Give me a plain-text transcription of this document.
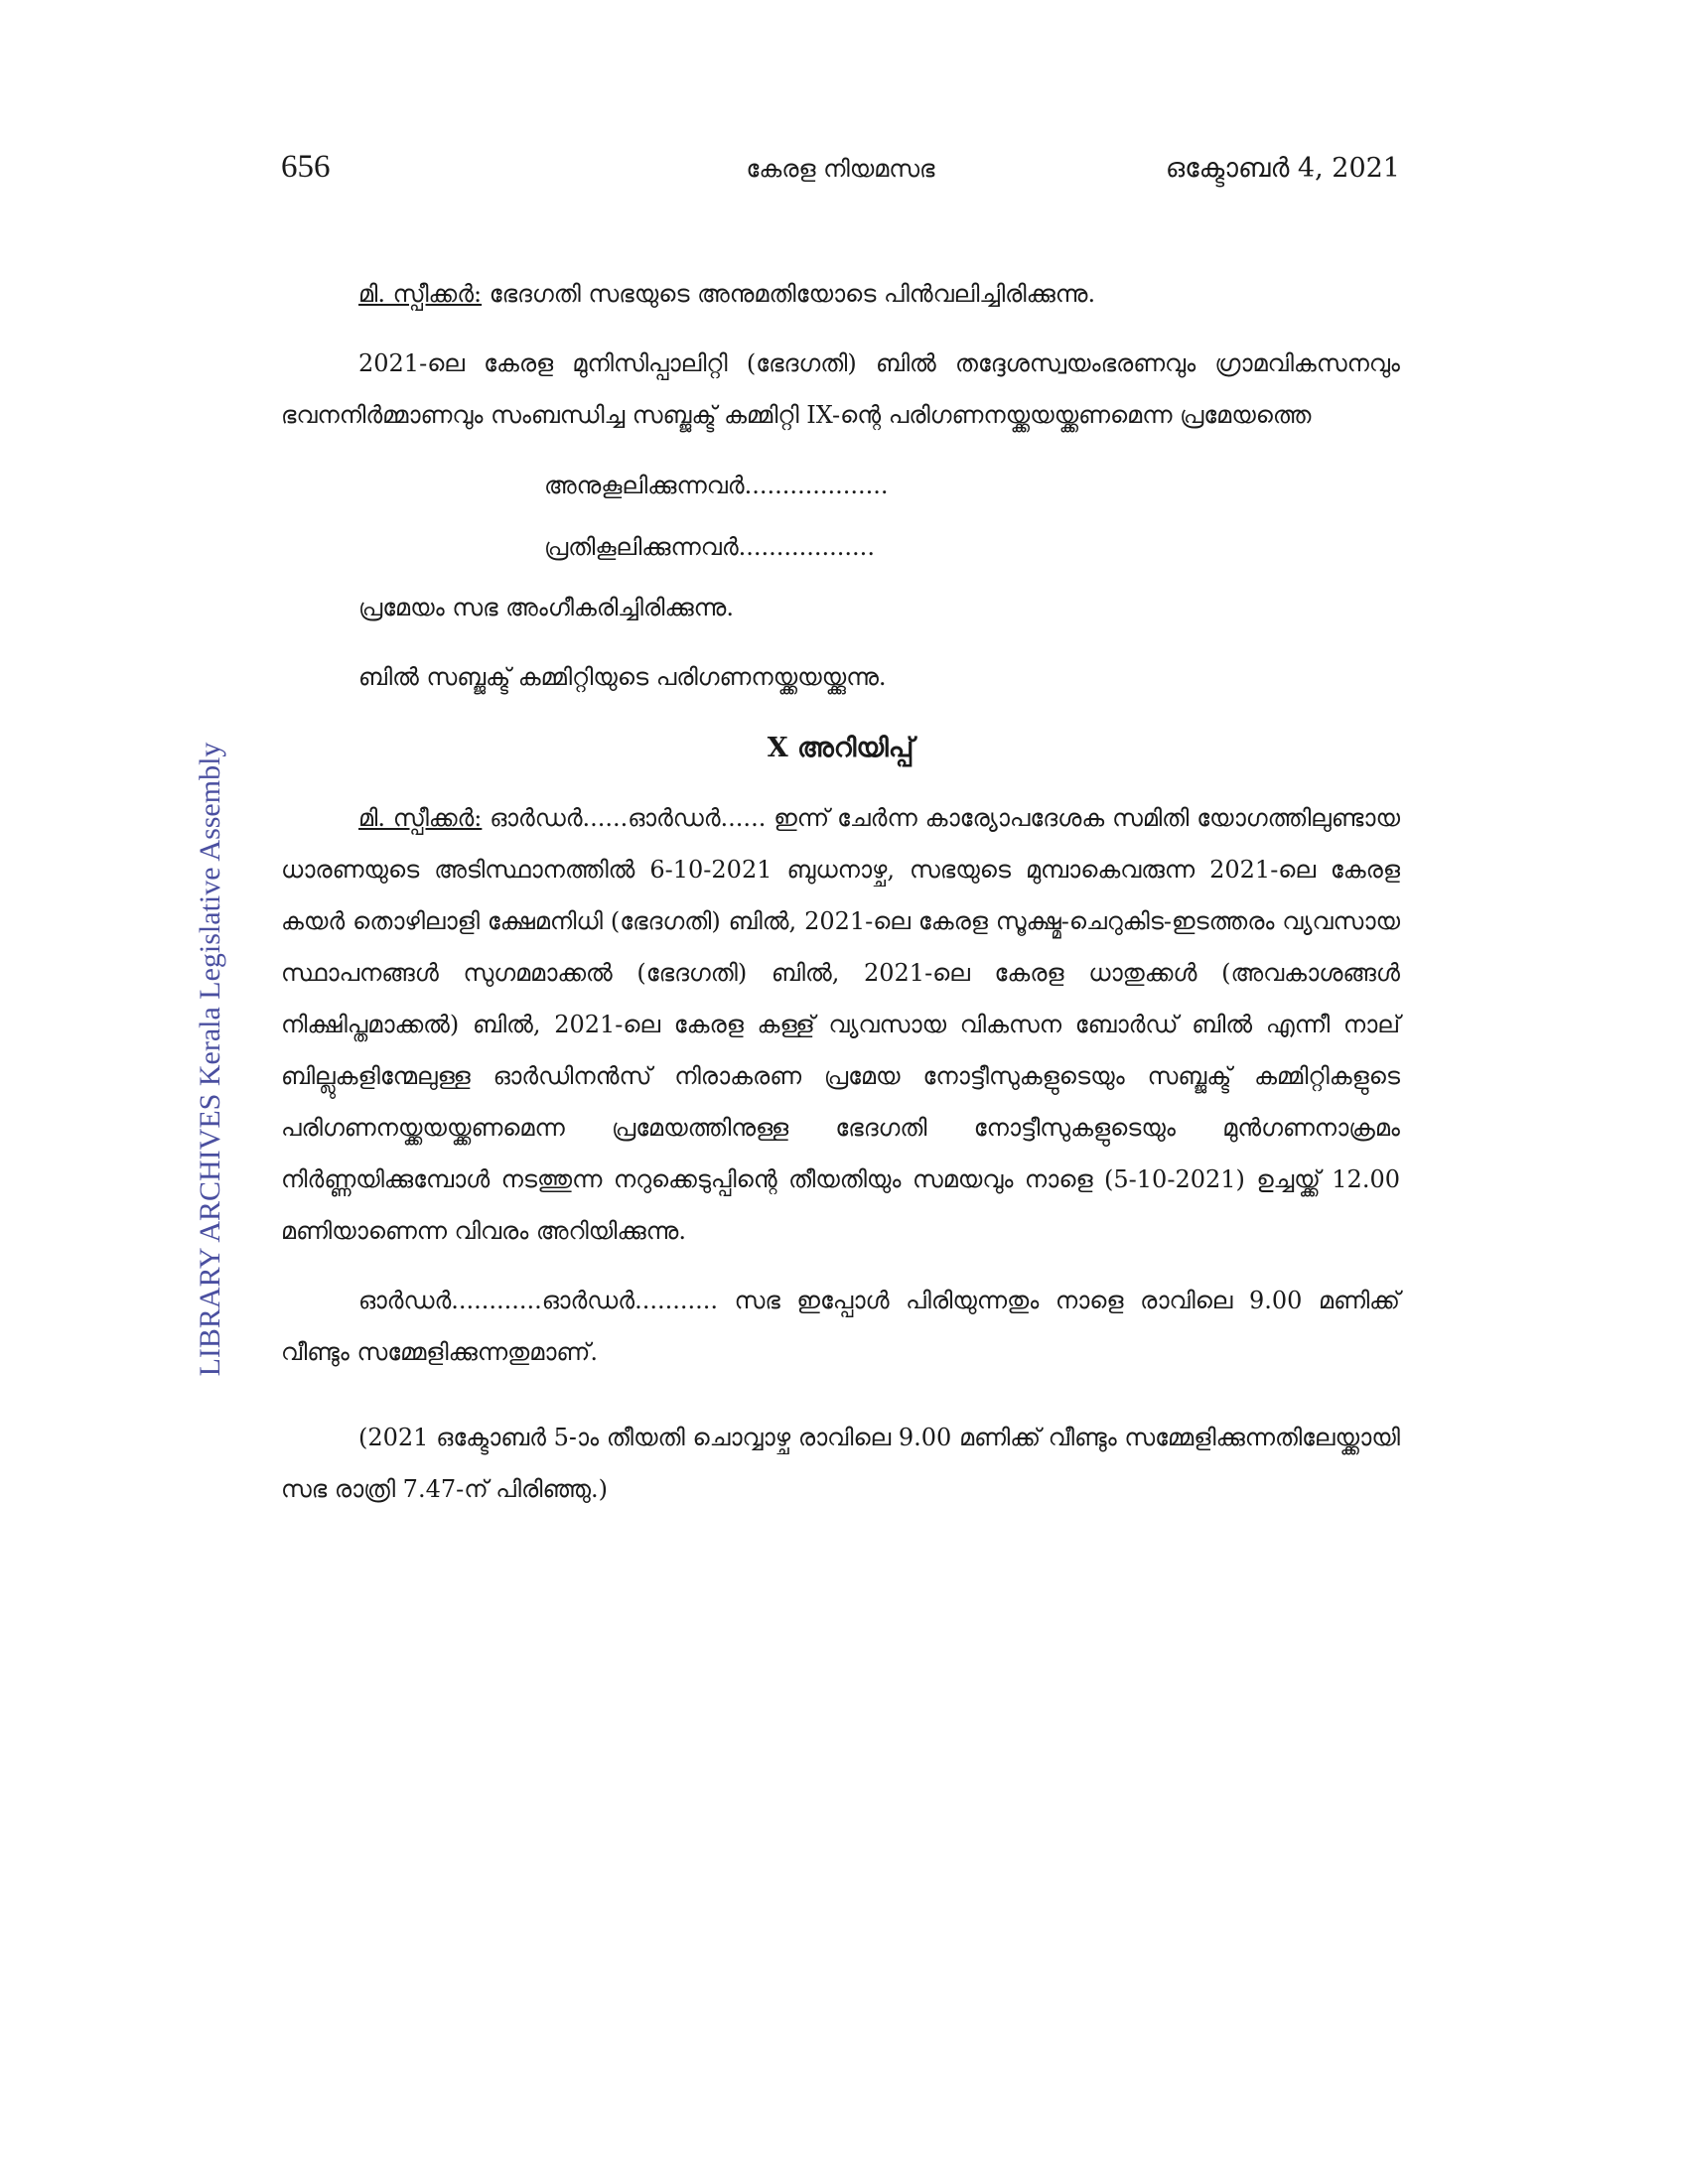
656	കേരള നിയമസഭ	ഒക്ടോബർ 4, 2021
LIBRARY ARCHIVES Kerala Legislative Assembly

മി. സ്പീക്കർ: ഭേദഗതി സഭയുടെ അനുമതിയോടെ പിൻവലിച്ചിരിക്കുന്നു.

2021-ലെ കേരള മുനിസിപ്പാലിറ്റി (ഭേദഗതി) ബിൽ തദ്ദേശസ്വയംഭരണവും ഗ്രാമവികസനവും ഭവനനിർമ്മാണവും സംബന്ധിച്ച സബ്ജക്ട് കമ്മിറ്റി IX-ന്റെ പരിഗണനയ്ക്കയയ്ക്കണമെന്ന പ്രമേയത്തെ

അനുകൂലിക്കുന്നവർ...................

പ്രതികൂലിക്കുന്നവർ..................

പ്രമേയം സഭ അംഗീകരിച്ചിരിക്കുന്നു.

ബിൽ സബ്ജക്ട് കമ്മിറ്റിയുടെ പരിഗണനയ്ക്കയയ്ക്കുന്നു.

X അറിയിപ്പ്

മി. സ്പീക്കർ: ഓർഡർ......ഓർഡർ...... ഇന്ന് ചേർന്ന കാര്യോപദേശക സമിതി യോഗത്തിലുണ്ടായ ധാരണയുടെ അടിസ്ഥാനത്തിൽ 6-10-2021 ബുധനാഴ്ച, സഭയുടെ മുമ്പാകെവരുന്ന 2021-ലെ കേരള കയർ തൊഴിലാളി ക്ഷേമനിധി (ഭേദഗതി) ബിൽ, 2021-ലെ കേരള സൂക്ഷ്മ-ചെറുകിട-ഇടത്തരം വ്യവസായ സ്ഥാപനങ്ങൾ സുഗമമാക്കൽ (ഭേദഗതി) ബിൽ, 2021-ലെ കേരള ധാതുക്കൾ (അവകാശങ്ങൾ നിക്ഷിപ്തമാക്കൽ) ബിൽ, 2021-ലെ കേരള കള്ള് വ്യവസായ വികസന ബോർഡ് ബിൽ എന്നീ നാല് ബില്ലുകളിന്മേലുള്ള ഓർഡിനൻസ് നിരാകരണ പ്രമേയ നോട്ടീസുകളുടെയും സബ്ജക്ട് കമ്മിറ്റികളുടെ പരിഗണനയ്ക്കയയ്ക്കണമെന്ന പ്രമേയത്തിനുള്ള ഭേദഗതി നോട്ടീസുകളുടെയും മുൻഗണനാക്രമം നിർണ്ണയിക്കുമ്പോൾ നടത്തുന്ന നറുക്കെടുപ്പിന്റെ തീയതിയും സമയവും നാളെ (5-10-2021) ഉച്ചയ്ക്ക് 12.00 മണിയാണെന്ന വിവരം അറിയിക്കുന്നു.

ഓർഡർ............ഓർഡർ........... സഭ ഇപ്പോൾ പിരിയുന്നതും നാളെ രാവിലെ 9.00 മണിക്ക് വീണ്ടും സമ്മേളിക്കുന്നതുമാണ്.

(2021 ഒക്ടോബർ 5-ാം തീയതി ചൊവ്വാഴ്ച രാവിലെ 9.00 മണിക്ക് വീണ്ടും സമ്മേളിക്കുന്നതിലേയ്ക്കായി സഭ രാത്രി 7.47-ന് പിരിഞ്ഞു.)
